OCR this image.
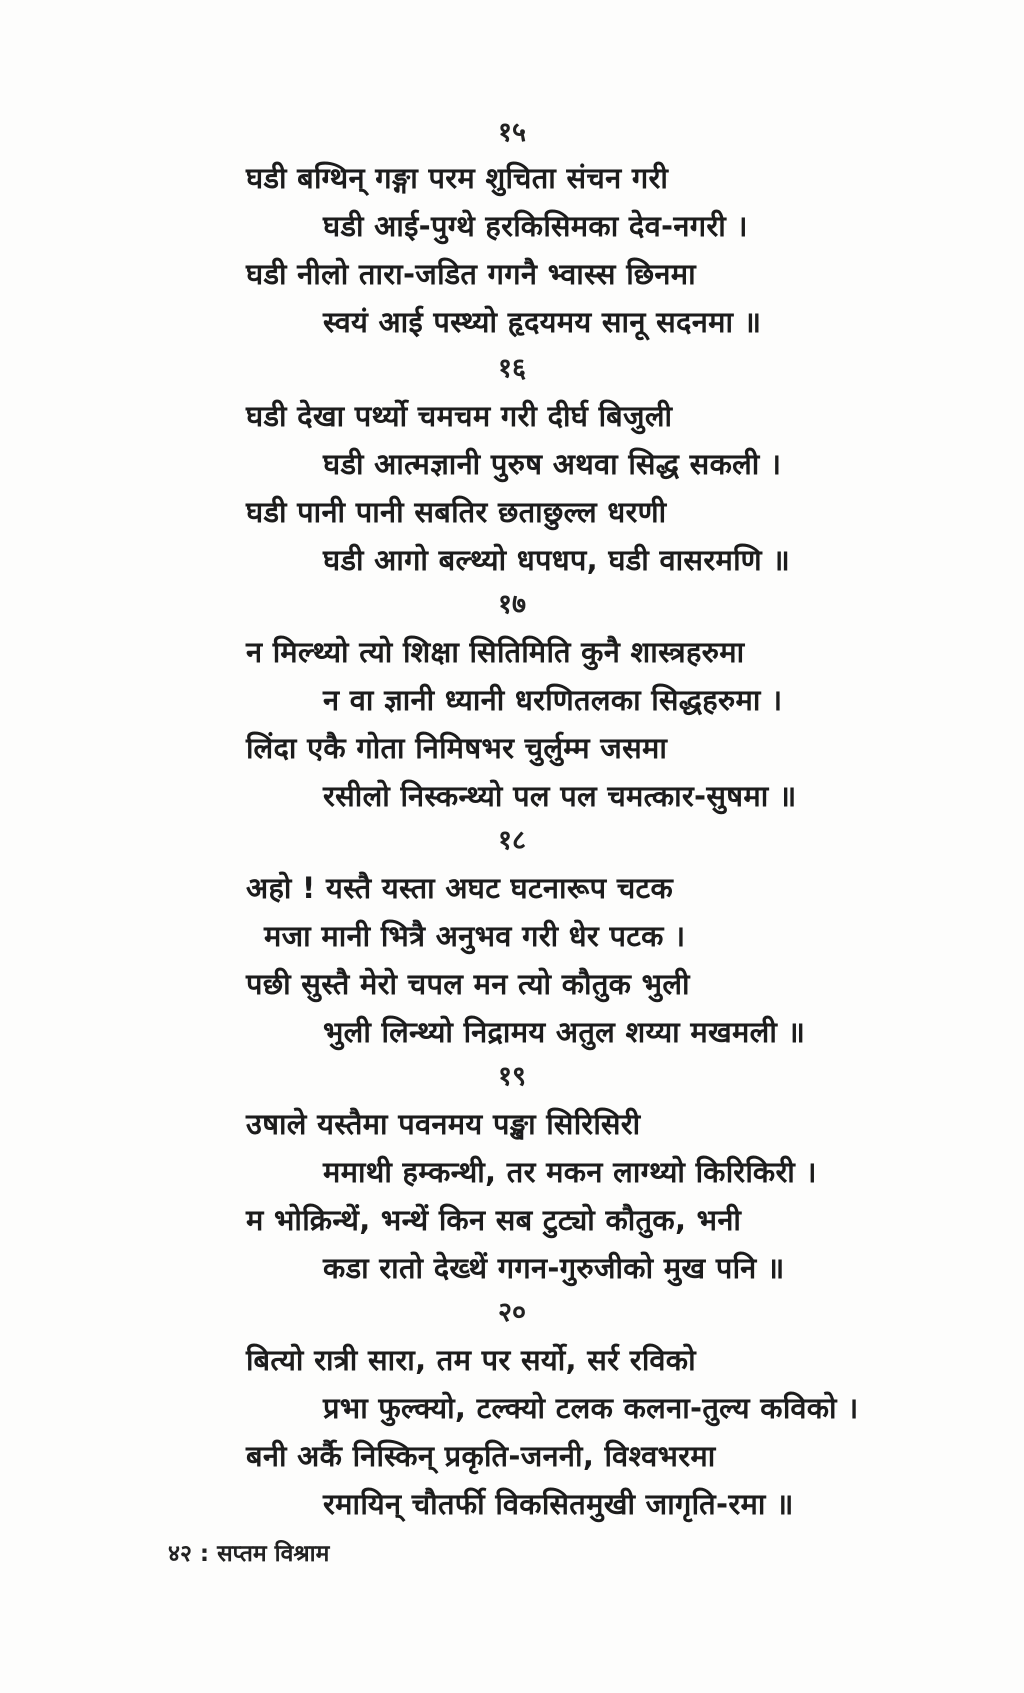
१५
घडी बग्थिन् गङ्गा परम शुचिता संचन गरी
घडी आई-पुग्थे हरकिसिमका देव-नगरी ।
घडी नीलो तारा-जडित गगनै भ्वास्स छिनमा
स्वयं आई पस्थ्यो हृदयमय सानू सदनमा ॥
१६
घडी देखा पर्थ्यो चमचम गरी दीर्घ बिजुली
घडी आत्मज्ञानी पुरुष अथवा सिद्ध सकली ।
घडी पानी पानी सबतिर छताछुल्ल धरणी
घडी आगो बल्थ्यो धपधप, घडी वासरमणि ॥
१७
न मिल्थ्यो त्यो शिक्षा सितिमिति कुनै शास्त्रहरुमा
न वा ज्ञानी ध्यानी धरणितलका सिद्धहरुमा ।
लिंदा एकै गोता निमिषभर चुर्लुम्म जसमा
रसीलो निस्कन्थ्यो पल पल चमत्कार-सुषमा ॥
१८
अहो ! यस्तै यस्ता अघट घटनारूप चटक
मजा मानी भित्रै अनुभव गरी धेर पटक ।
पछी सुस्तै मेरो चपल मन त्यो कौतुक भुली
भुली लिन्थ्यो निद्रामय अतुल शय्या मखमली ॥
१९
उषाले यस्तैमा पवनमय पङ्खा सिरिसिरी
ममाथी हम्कन्थी, तर मकन लाग्थ्यो किरिकिरी ।
म भोक्रिन्थें, भन्थें किन सब टुट्यो कौतुक, भनी
कडा रातो देख्थें गगन-गुरुजीको मुख पनि ॥
२०
बित्यो रात्री सारा, तम पर सर्यो, सर्र रविको
प्रभा फुल्क्यो, टल्क्यो टलक कलना-तुल्य कविको ।
बनी अर्कै निस्किन् प्रकृति-जननी, विश्वभरमा
रमायिन् चौतर्फी विकसितमुखी जागृति-रमा ॥
४२ : सप्तम विश्राम
